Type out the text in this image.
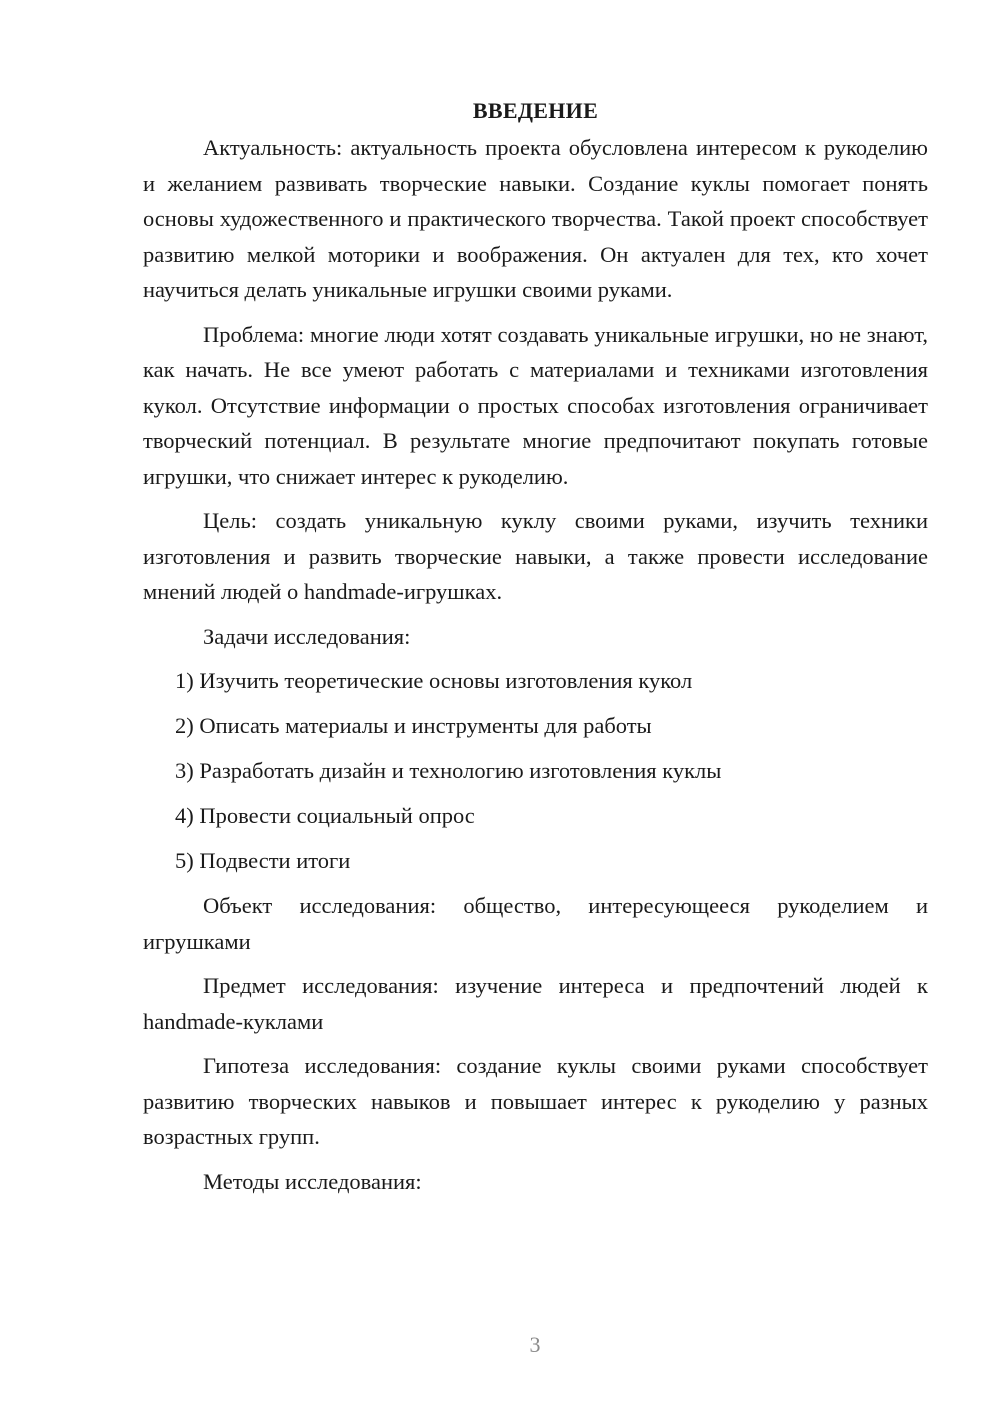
ВВЕДЕНИЕ

Актуальность: актуальность проекта обусловлена интересом к рукоделию и желанием развивать творческие навыки. Создание куклы помогает понять основы художественного и практического творчества. Такой проект способствует развитию мелкой моторики и воображения. Он актуален для тех, кто хочет научиться делать уникальные игрушки своими руками.

Проблема: многие люди хотят создавать уникальные игрушки, но не знают, как начать. Не все умеют работать с материалами и техниками изготовления кукол. Отсутствие информации о простых способах изготовления ограничивает творческий потенциал. В результате многие предпочитают покупать готовые игрушки, что снижает интерес к рукоделию.

Цель: создать уникальную куклу своими руками, изучить техники изготовления и развить творческие навыки, а также провести исследование мнений людей о handmade-игрушках.

Задачи исследования:

1) Изучить теоретические основы изготовления кукол

2) Описать материалы и инструменты для работы

3) Разработать дизайн и технологию изготовления куклы

4) Провести социальный опрос

5) Подвести итоги

Объект исследования: общество, интересующееся рукоделием и игрушками

Предмет исследования: изучение интереса и предпочтений людей к handmade-куклами

Гипотеза исследования: создание куклы своими руками способствует развитию творческих навыков и повышает интерес к рукоделию у разных возрастных групп.

Методы исследования:

3
